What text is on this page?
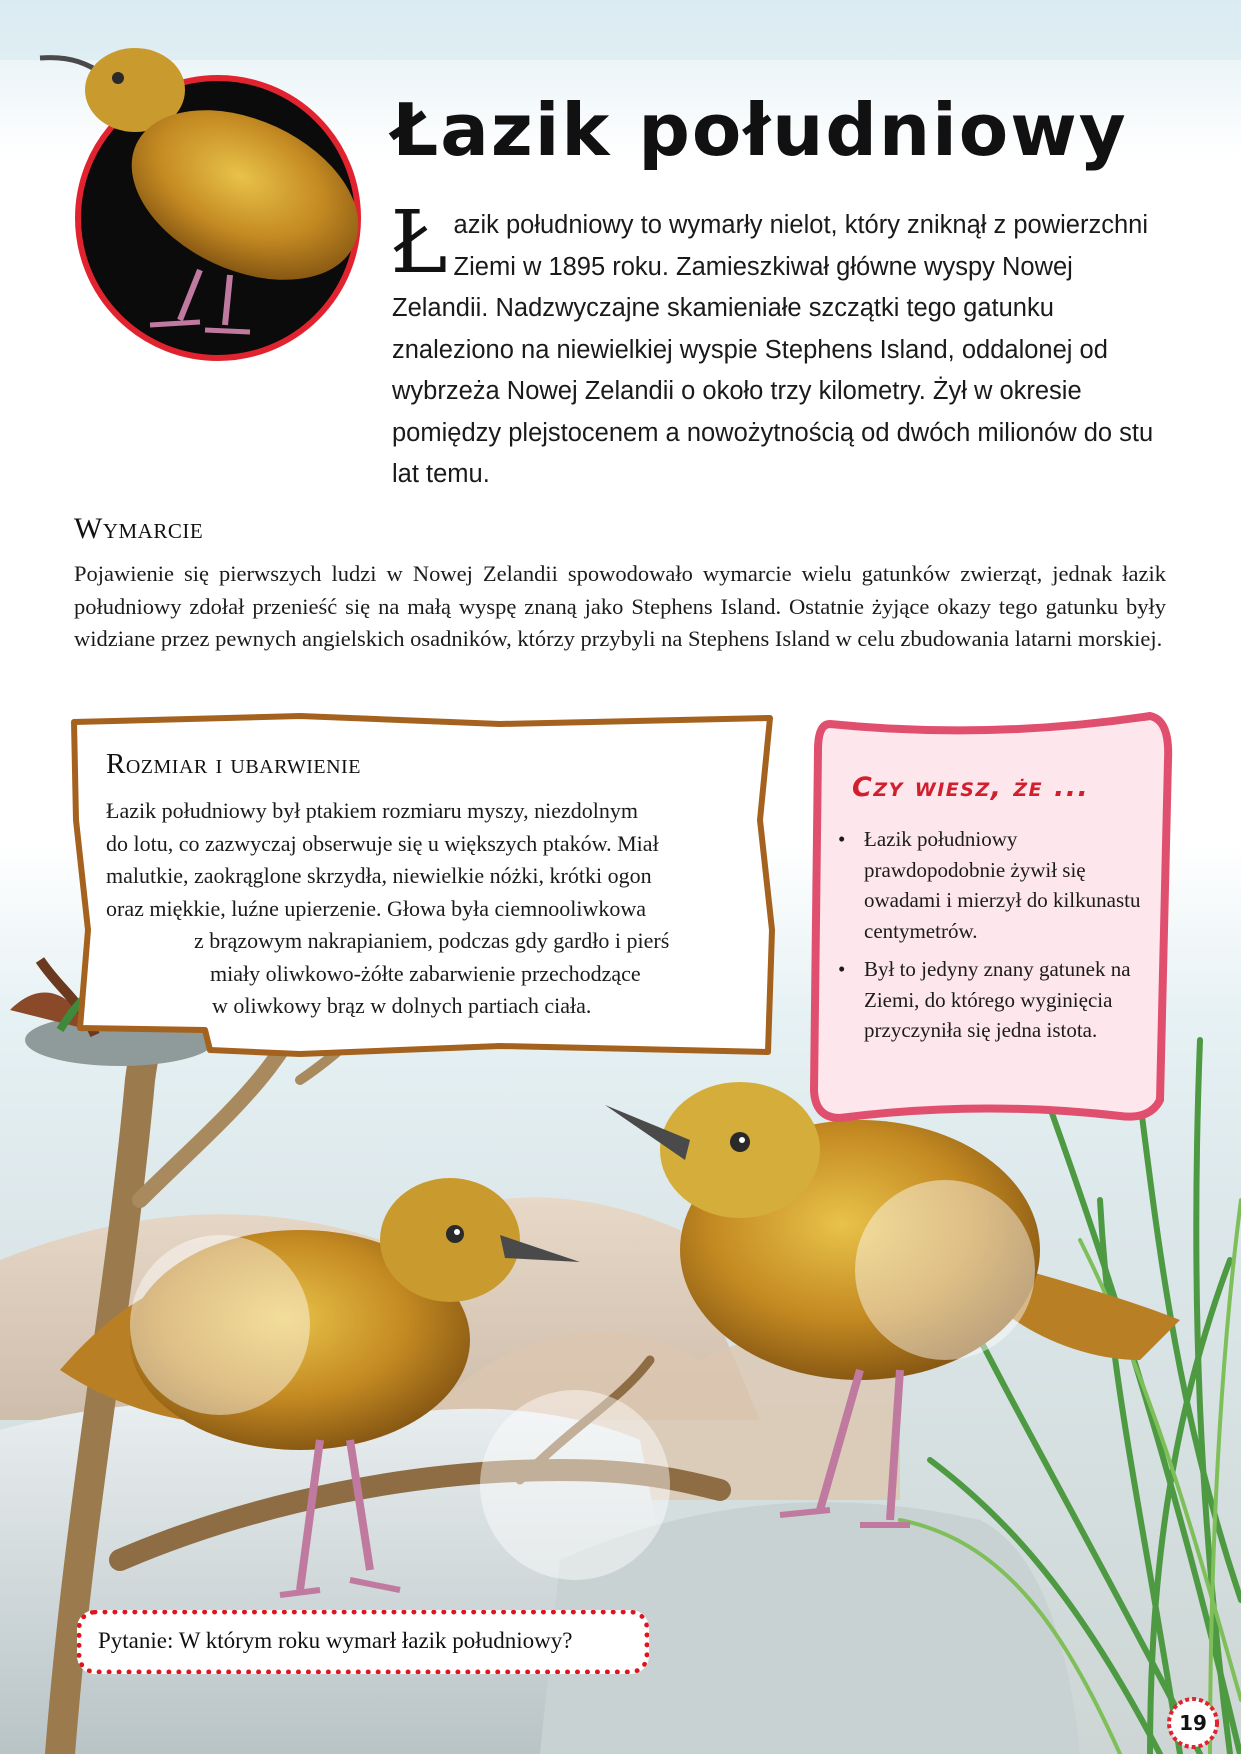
Łazik południowy
Ł azik południowy to wymarły nielot, który zniknął z powierzchni Ziemi w 1895 roku. Zamieszkiwał główne wyspy Nowej Zelandii. Nadzwyczajne skamieniałe szczątki tego gatunku znaleziono na niewielkiej wyspie Stephens Island, oddalonej od wybrzeża Nowej Zelandii o około trzy kilometry. Żył w okresie pomiędzy plejstocenem a nowożytnością od dwóch milionów do stu lat temu.
Wymarcie
Pojawienie się pierwszych ludzi w Nowej Zelandii spowodowało wymarcie wielu gatunków zwierząt, jednak łazik południowy zdołał przenieść się na małą wyspę znaną jako Stephens Island. Ostatnie żyjące okazy tego gatunku były widziane przez pewnych angielskich osadników, którzy przybyli na Stephens Island w celu zbudowania latarni morskiej.
Rozmiar i ubarwienie
Łazik południowy był ptakiem rozmiaru myszy, niezdolnym
do lotu, co zazwyczaj obserwuje się u większych ptaków. Miał
malutkie, zaokrąglone skrzydła, niewielkie nóżki, krótki ogon
oraz miękkie, luźne upierzenie. Głowa była ciemnooliwkowa
z brązowym nakrapianiem, podczas gdy gardło i pierś
miały oliwkowo-żółte zabarwienie przechodzące
w oliwkowy brąz w dolnych partiach ciała.
Czy wiesz, że ...
• Łazik południowy prawdopodobnie żywił się owadami i mierzył do kilkunastu centymetrów.
• Był to jedyny znany gatunek na Ziemi, do którego wyginięcia przyczyniła się jedna istota.
Pytanie: W którym roku wymarł łazik południowy?
19
